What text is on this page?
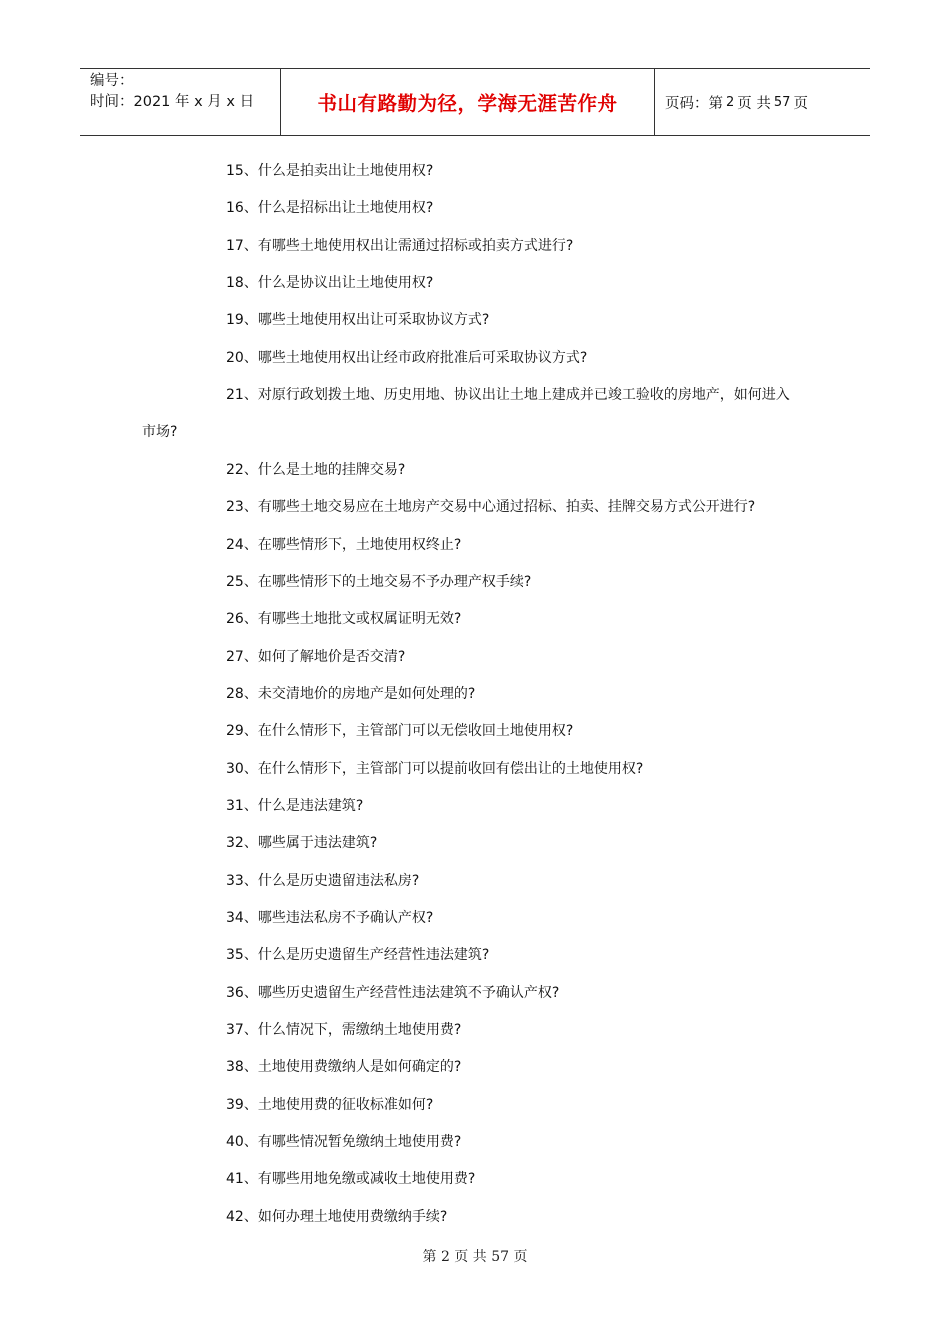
编号：
时间：2021 年 x 月 x 日	书山有路勤为径，学海无涯苦作舟	页码：第 2 页 共 57 页
15、什么是拍卖出让土地使用权?
16、什么是招标出让土地使用权?
17、有哪些土地使用权出让需通过招标或拍卖方式进行?
18、什么是协议出让土地使用权?
19、哪些土地使用权出让可采取协议方式?
20、哪些土地使用权出让经市政府批准后可采取协议方式?
21、对原行政划拨土地、历史用地、协议出让土地上建成并已竣工验收的房地产，如何进入
市场?
22、什么是土地的挂牌交易?
23、有哪些土地交易应在土地房产交易中心通过招标、拍卖、挂牌交易方式公开进行?
24、在哪些情形下，土地使用权终止?
25、在哪些情形下的土地交易不予办理产权手续?
26、有哪些土地批文或权属证明无效?
27、如何了解地价是否交清?
28、未交清地价的房地产是如何处理的?
29、在什么情形下，主管部门可以无偿收回土地使用权?
30、在什么情形下，主管部门可以提前收回有偿出让的土地使用权?
31、什么是违法建筑?
32、哪些属于违法建筑?
33、什么是历史遗留违法私房?
34、哪些违法私房不予确认产权?
35、什么是历史遗留生产经营性违法建筑?
36、哪些历史遗留生产经营性违法建筑不予确认产权?
37、什么情况下，需缴纳土地使用费?
38、土地使用费缴纳人是如何确定的?
39、土地使用费的征收标准如何?
40、有哪些情况暂免缴纳土地使用费?
41、有哪些用地免缴或减收土地使用费?
42、如何办理土地使用费缴纳手续?
第 2 页 共 57 页
